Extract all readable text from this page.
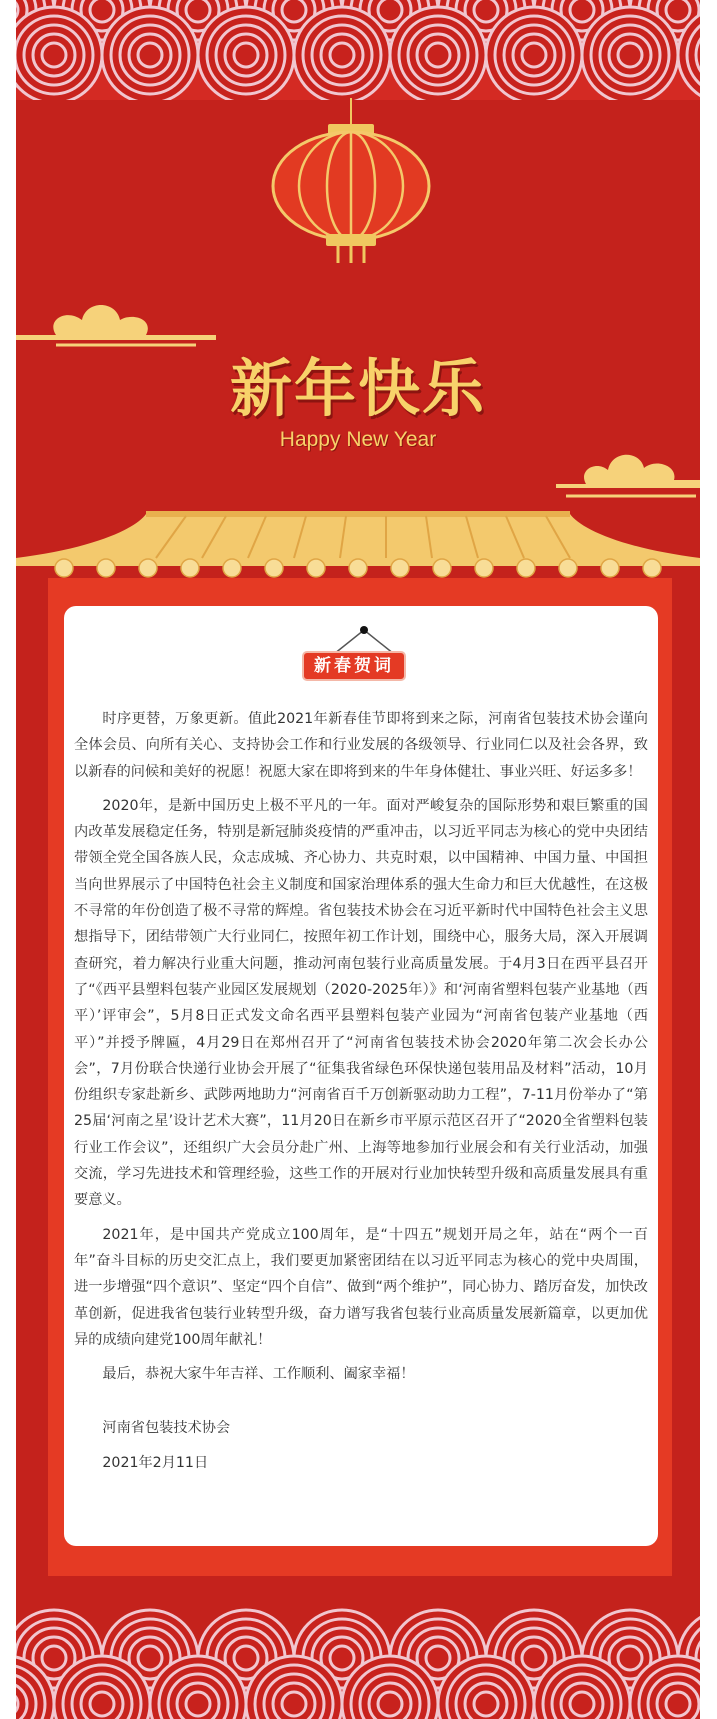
新年快乐
Happy New Year
新春贺词

时序更替，万象更新。值此2021年新春佳节即将到来之际，河南省包装技术协会谨向全体会员、向所有关心、支持协会工作和行业发展的各级领导、行业同仁以及社会各界，致以新春的问候和美好的祝愿！祝愿大家在即将到来的牛年身体健壮、事业兴旺、好运多多！

2020年，是新中国历史上极不平凡的一年。面对严峻复杂的国际形势和艰巨繁重的国内改革发展稳定任务，特别是新冠肺炎疫情的严重冲击，以习近平同志为核心的党中央团结带领全党全国各族人民，众志成城、齐心协力、共克时艰，以中国精神、中国力量、中国担当向世界展示了中国特色社会主义制度和国家治理体系的强大生命力和巨大优越性，在这极不寻常的年份创造了极不寻常的辉煌。省包装技术协会在习近平新时代中国特色社会主义思想指导下，团结带领广大行业同仁，按照年初工作计划，围绕中心，服务大局，深入开展调查研究，着力解决行业重大问题，推动河南包装行业高质量发展。于4月3日在西平县召开了“《西平县塑料包装产业园区发展规划（2020-2025年）》和‘河南省塑料包装产业基地（西平）’评审会”，5月8日正式发文命名西平县塑料包装产业园为“河南省包装产业基地（西平）”并授予牌匾，4月29日在郑州召开了“河南省包装技术协会2020年第二次会长办公会”，7月份联合快递行业协会开展了“征集我省绿色环保快递包装用品及材料”活动，10月份组织专家赴新乡、武陟两地助力“河南省百千万创新驱动助力工程”，7-11月份举办了“第25届‘河南之星’设计艺术大赛”，11月20日在新乡市平原示范区召开了“2020全省塑料包装行业工作会议”，还组织广大会员分赴广州、上海等地参加行业展会和有关行业活动，加强交流，学习先进技术和管理经验，这些工作的开展对行业加快转型升级和高质量发展具有重要意义。

2021年，是中国共产党成立100周年，是“十四五”规划开局之年，站在“两个一百年”奋斗目标的历史交汇点上，我们要更加紧密团结在以习近平同志为核心的党中央周围，进一步增强“四个意识”、坚定“四个自信”、做到“两个维护”，同心协力、踏厉奋发，加快改革创新，促进我省包装行业转型升级，奋力谱写我省包装行业高质量发展新篇章，以更加优异的成绩向建党100周年献礼！

最后，恭祝大家牛年吉祥、工作顺利、阖家幸福！

河南省包装技术协会

2021年2月11日
